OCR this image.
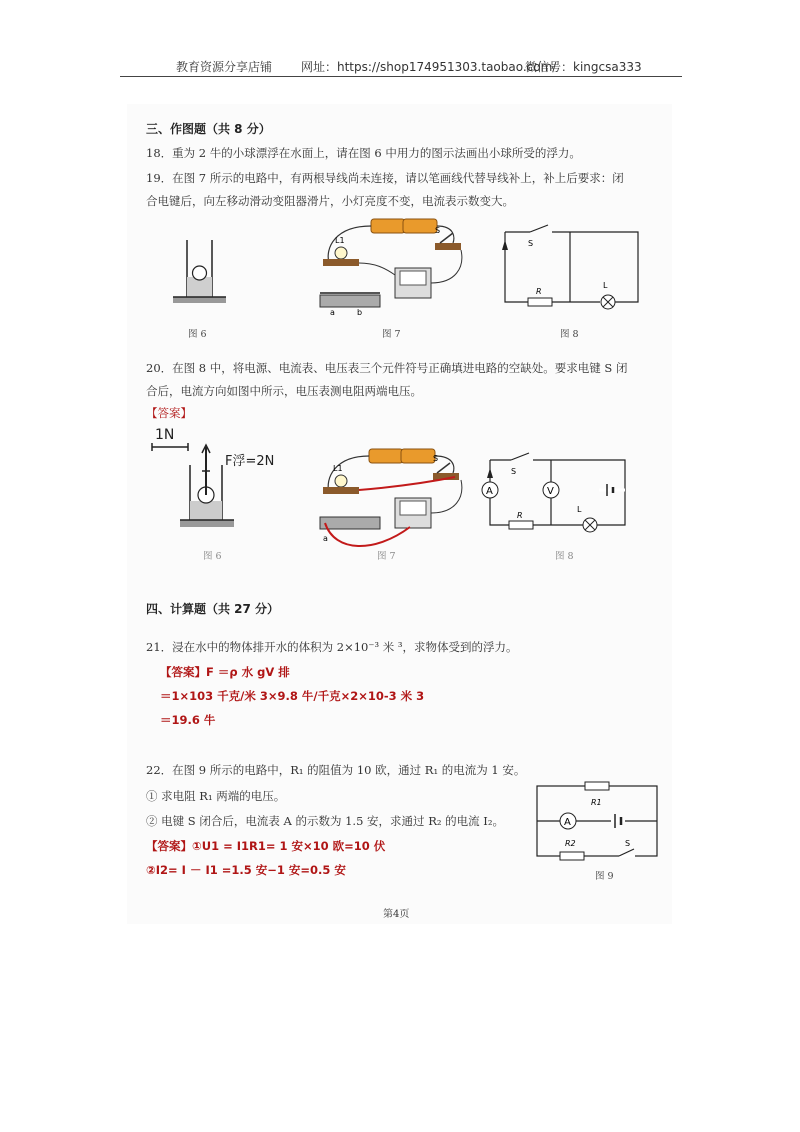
教育资源分享店铺 网址：https://shop174951303.taobao.com/
微信号：kingcsa333
三、作图题（共 8 分）
18．重为 2 牛的小球漂浮在水面上，请在图 6 中用力的图示法画出小球所受的浮力。
19．在图 7 所示的电路中，有两根导线尚未连接，请以笔画线代替导线补上，补上后要求：闭
合电键后，向左移动滑动变阻器滑片，小灯亮度不变，电流表示数变大。
图 6
L1
S
a	b
图 7
S
R
L
图 8
20．在图 8 中，将电源、电流表、电压表三个元件符号正确填进电路的空缺处。要求电键 S 闭
合后，电流方向如图中所示，电压表测电阻两端电压。
【答案】
1N
F浮=2N
图 6
L1
S
a
图 7
A	V
S
R
L
图 8
四、计算题（共 27 分）
21．浸在水中的物体排开水的体积为 2×10⁻³ 米 ³，求物体受到的浮力。
【答案】F ＝ρ 水 gV 排
＝1×103 千克/米 3×9.8 牛/千克×2×10-3 米 3
＝19.6 牛
22．在图 9 所示的电路中，R₁ 的阻值为 10 欧，通过 R₁ 的电流为 1 安。
① 求电阻 R₁ 两端的电压。
② 电键 S 闭合后，电流表 A 的示数为 1.5 安，求通过 R₂ 的电流 I₂。
【答案】①U1 = I1R1= 1 安×10 欧=10 伏
②I2= I － I1 =1.5 安−1 安=0.5 安
A
R1
R2	S
图 9
第4页
